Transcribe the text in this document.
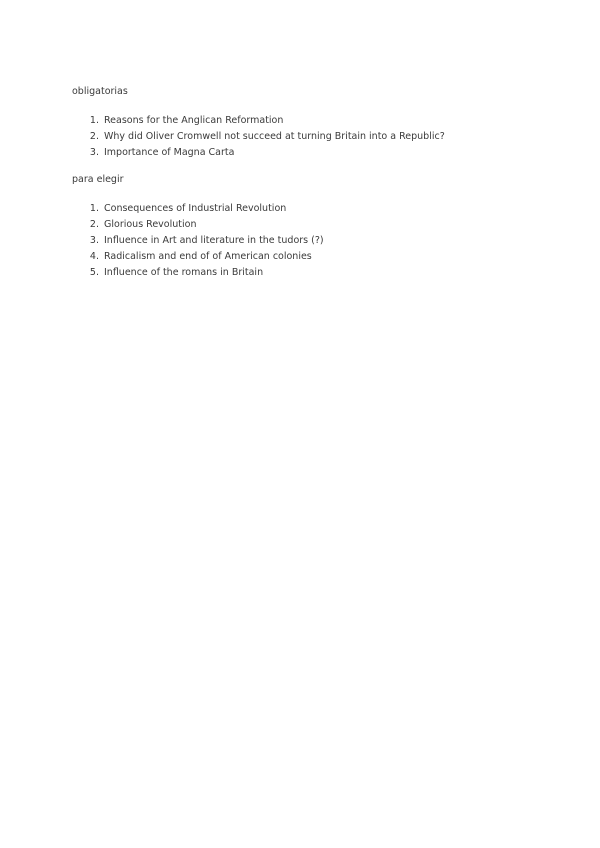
obligatorias
1. Reasons for the Anglican Reformation
2. Why did Oliver Cromwell not succeed at turning Britain into a Republic?
3. Importance of Magna Carta
para elegir
1. Consequences of Industrial Revolution
2. Glorious Revolution
3. Influence in Art and literature in the tudors (?)
4. Radicalism and end of of American colonies
5. Influence of the romans in Britain
